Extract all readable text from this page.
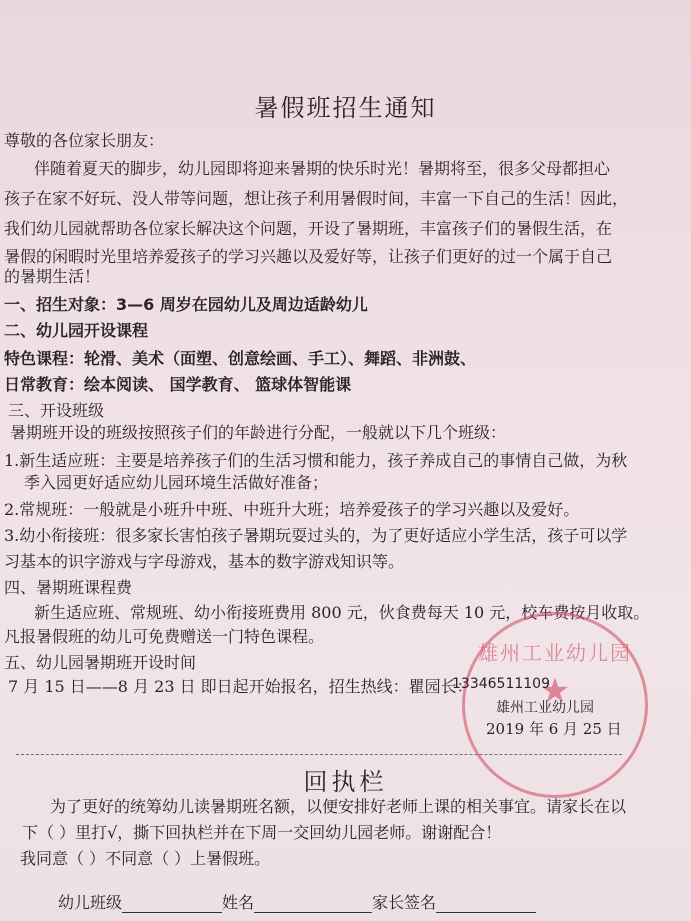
暑假班招生通知
尊敬的各位家长朋友：
伴随着夏天的脚步，幼儿园即将迎来暑期的快乐时光！暑期将至，很多父母都担心
孩子在家不好玩、没人带等问题，想让孩子利用暑假时间，丰富一下自己的生活！因此，
我们幼儿园就帮助各位家长解决这个问题，开设了暑期班，丰富孩子们的暑假生活，在
暑假的闲暇时光里培养爱孩子的学习兴趣以及爱好等，让孩子们更好的过一个属于自己
的暑期生活！
一、招生对象：3—6 周岁在园幼儿及周边适龄幼儿
二、幼儿园开设课程
特色课程：轮滑、美术（面塑、创意绘画、手工）、舞蹈、非洲鼓、
日常教育：绘本阅读、 国学教育、 篮球体智能课
三、开设班级
暑期班开设的班级按照孩子们的年龄进行分配，一般就以下几个班级：
1.新生适应班：主要是培养孩子们的生活习惯和能力，孩子养成自己的事情自己做，为秋
季入园更好适应幼儿园环境生活做好准备；
2.常规班：一般就是小班升中班、中班升大班；培养爱孩子的学习兴趣以及爱好。
3.幼小衔接班：很多家长害怕孩子暑期玩耍过头的，为了更好适应小学生活，孩子可以学
习基本的识字游戏与字母游戏，基本的数字游戏知识等。
四、暑期班课程费
新生适应班、常规班、幼小衔接班费用 800 元，伙食费每天 10 元，校车费按月收取。
凡报暑假班的幼儿可免费赠送一门特色课程。
五、幼儿园暑期班开设时间
7 月 15 日——8 月 23 日 即日起开始报名，招生热线：瞿园长：
雄州工业幼儿园
★
13346511109
雄州工业幼儿园
2019 年 6 月 25 日
回执栏
为了更好的统筹幼儿读暑期班名额，以便安排好老师上课的相关事宜。请家长在以
下（ ）里打√，撕下回执栏并在下周一交回幼儿园老师。谢谢配合！
我同意（ ）不同意（ ）上暑假班。
幼儿班级	姓名	家长签名
